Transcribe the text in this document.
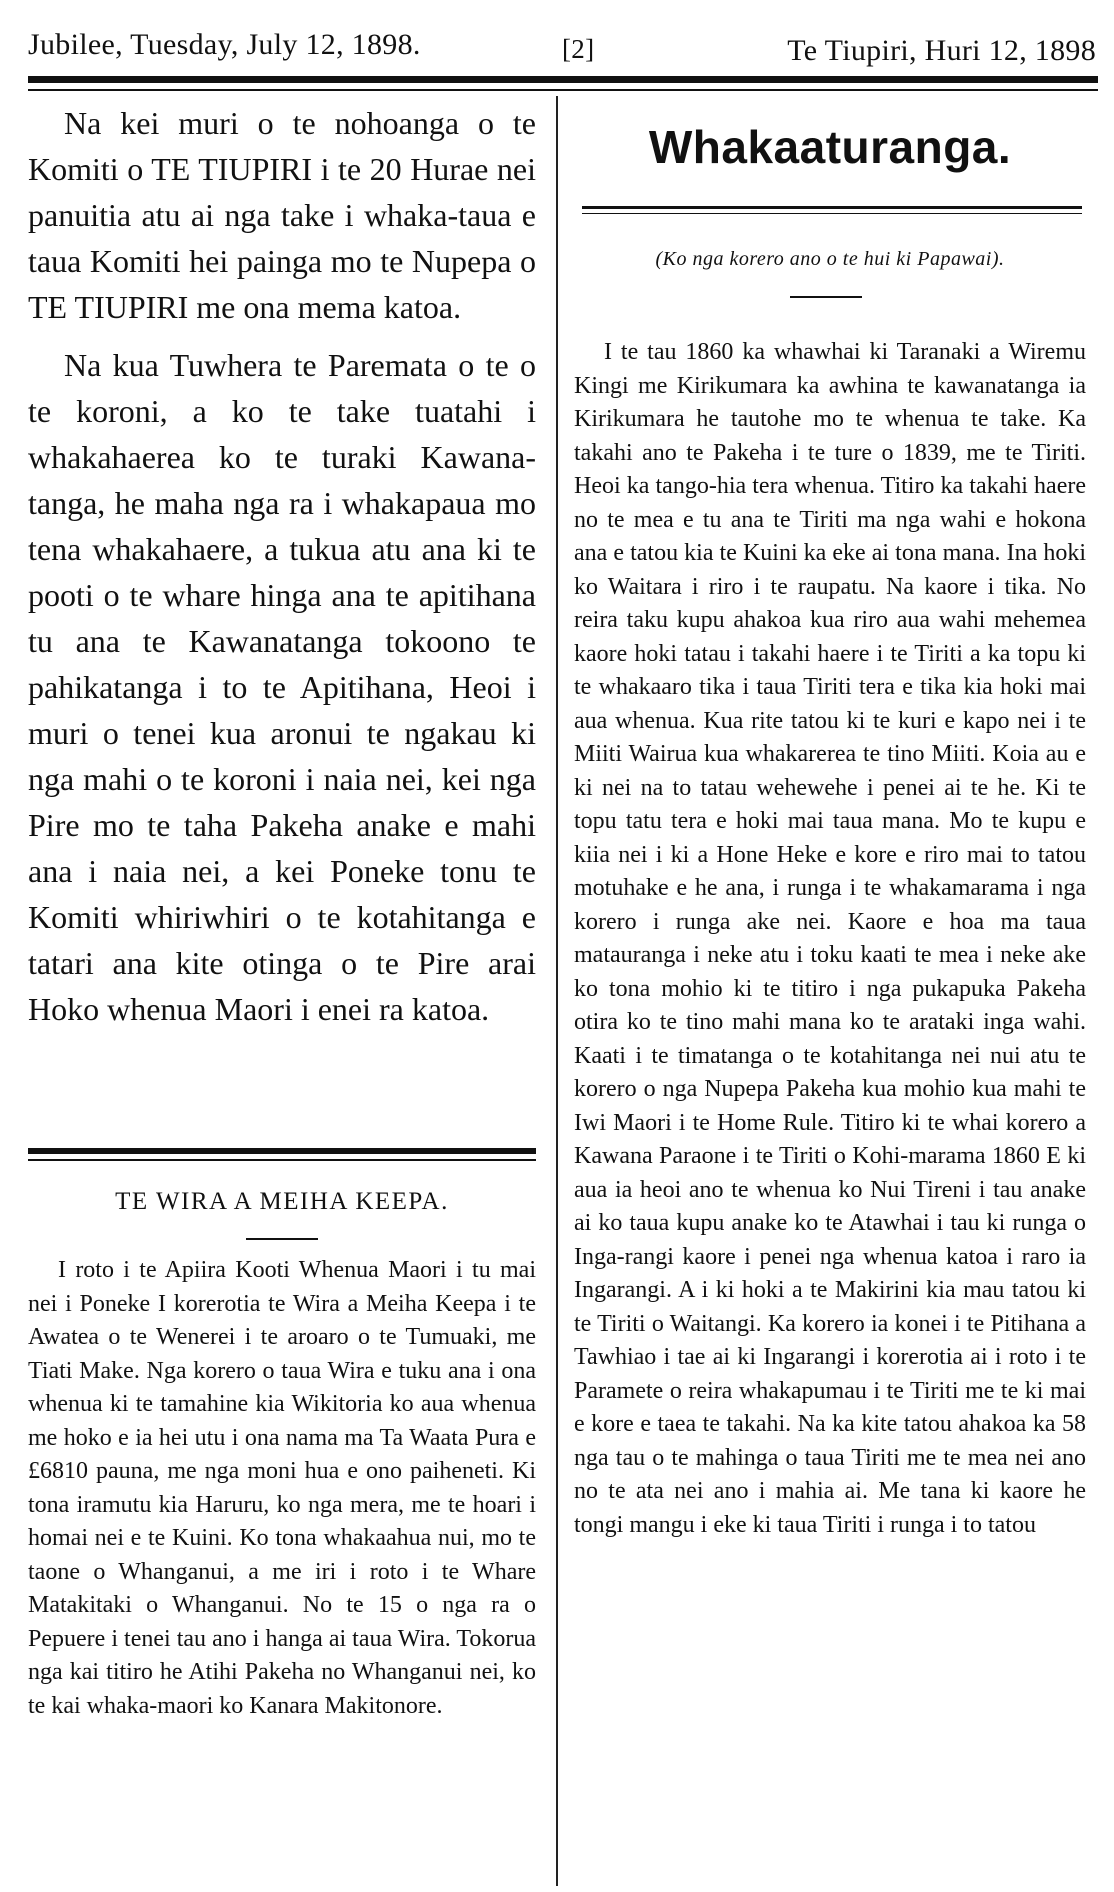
Jubilee, Tuesday, July 12, 1898.	[2]	Te Tiupiri, Huri 12, 1898

Na kei muri o te nohoanga o te Komiti o TE TIUPIRI i te 20 Hurae nei panuitia atu ai nga take i whaka-taua e taua Komiti hei painga mo te Nupepa o TE TIUPIRI me ona mema katoa.

Na kua Tuwhera te Paremata o te o te koroni, a ko te take tuatahi i whakahaerea ko te turaki Kawana-tanga, he maha nga ra i whakapaua mo tena whakahaere, a tukua atu ana ki te pooti o te whare hinga ana te apitihana tu ana te Kawanatanga tokoono te pahikatanga i to te Apitihana, Heoi i muri o tenei kua aronui te ngakau ki nga mahi o te koroni i naia nei, kei nga Pire mo te taha Pakeha anake e mahi ana i naia nei, a kei Poneke tonu te Komiti whiriwhiri o te kotahitanga e tatari ana kite otinga o te Pire arai Hoko whenua Maori i enei ra katoa.

TE WIRA A MEIHA KEEPA.

I roto i te Apiira Kooti Whenua Maori i tu mai nei i Poneke I korerotia te Wira a Meiha Keepa i te Awatea o te Wenerei i te aroaro o te Tumuaki, me Tiati Make. Nga korero o taua Wira e tuku ana i ona whenua ki te tamahine kia Wikitoria ko aua whenua me hoko e ia hei utu i ona nama ma Ta Waata Pura e £6810 pauna, me nga moni hua e ono paiheneti. Ki tona iramutu kia Haruru, ko nga mera, me te hoari i homai nei e te Kuini. Ko tona whakaahua nui, mo te taone o Whanganui, a me iri i roto i te Whare Matakitaki o Whanganui. No te 15 o nga ra o Pepuere i tenei tau ano i hanga ai taua Wira. Tokorua nga kai titiro he Atihi Pakeha no Whanganui nei, ko te kai whaka-maori ko Kanara Makitonore.

Whakaaturanga.
(Ko nga korero ano o te hui ki Papawai).

I te tau 1860 ka whawhai ki Taranaki a Wiremu Kingi me Kirikumara ka awhina te kawanatanga ia Kirikumara he tautohe mo te whenua te take. Ka takahi ano te Pakeha i te ture o 1839, me te Tiriti. Heoi ka tango-hia tera whenua. Titiro ka takahi haere no te mea e tu ana te Tiriti ma nga wahi e hokona ana e tatou kia te Kuini ka eke ai tona mana. Ina hoki ko Waitara i riro i te raupatu. Na kaore i tika. No reira taku kupu ahakoa kua riro aua wahi mehemea kaore hoki tatau i takahi haere i te Tiriti a ka topu ki te whakaaro tika i taua Tiriti tera e tika kia hoki mai aua whenua. Kua rite tatou ki te kuri e kapo nei i te Miiti Wairua kua whakarerea te tino Miiti. Koia au e ki nei na to tatau wehewehe i penei ai te he. Ki te topu tatu tera e hoki mai taua mana. Mo te kupu e kiia nei i ki a Hone Heke e kore e riro mai to tatou motuhake e he ana, i runga i te whakamarama i nga korero i runga ake nei. Kaore e hoa ma taua matauranga i neke atu i toku kaati te mea i neke ake ko tona mohio ki te titiro i nga pukapuka Pakeha otira ko te tino mahi mana ko te arataki inga wahi. Kaati i te timatanga o te kotahitanga nei nui atu te korero o nga Nupepa Pakeha kua mohio kua mahi te Iwi Maori i te Home Rule. Titiro ki te whai korero a Kawana Paraone i te Tiriti o Kohi-marama 1860 E ki aua ia heoi ano te whenua ko Nui Tireni i tau anake ai ko taua kupu anake ko te Atawhai i tau ki runga o Inga-rangi kaore i penei nga whenua katoa i raro ia Ingarangi. A i ki hoki a te Makirini kia mau tatou ki te Tiriti o Waitangi. Ka korero ia konei i te Pitihana a Tawhiao i tae ai ki Ingarangi i korerotia ai i roto i te Paramete o reira whakapumau i te Tiriti me te ki mai e kore e taea te takahi. Na ka kite tatou ahakoa ka 58 nga tau o te mahinga o taua Tiriti me te mea nei ano no te ata nei ano i mahia ai. Me tana ki kaore he tongi mangu i eke ki taua Tiriti i runga i to tatou
